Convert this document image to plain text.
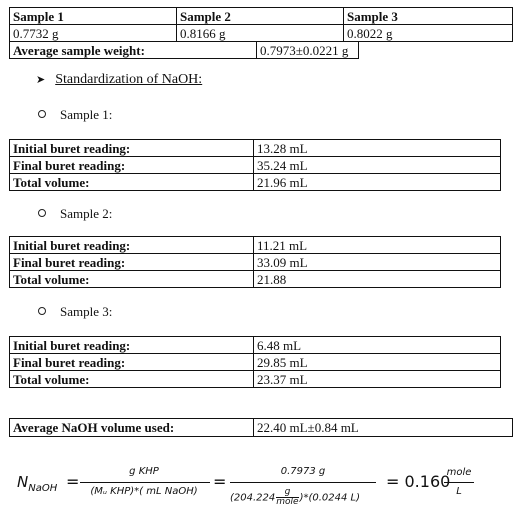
Sample 1	Sample 2	Sample 3
0.7732 g	0.8166 g	0.8022 g
Average sample weight:	0.7973±0.0221 g
➤ Standardization of NaOH:
Sample 1:
Initial buret reading:	13.28 mL
Final buret reading:	35.24 mL
Total volume:	21.96 mL
Sample 2:
Initial buret reading:	11.21 mL
Final buret reading:	33.09 mL
Total volume:	21.88
Sample 3:
Initial buret reading:	6.48 mL
Final buret reading:	29.85 mL
Total volume:	23.37 mL
Average NaOH volume used:	22.40 mL±0.84 mL
$N_{NaOH}$ =
g KHP
(Mᵤ KHP)*( mL NaOH)
=
0.7973 g
(204.224
g
mole )*(0.0244 L)
= 0.160
mole
L
